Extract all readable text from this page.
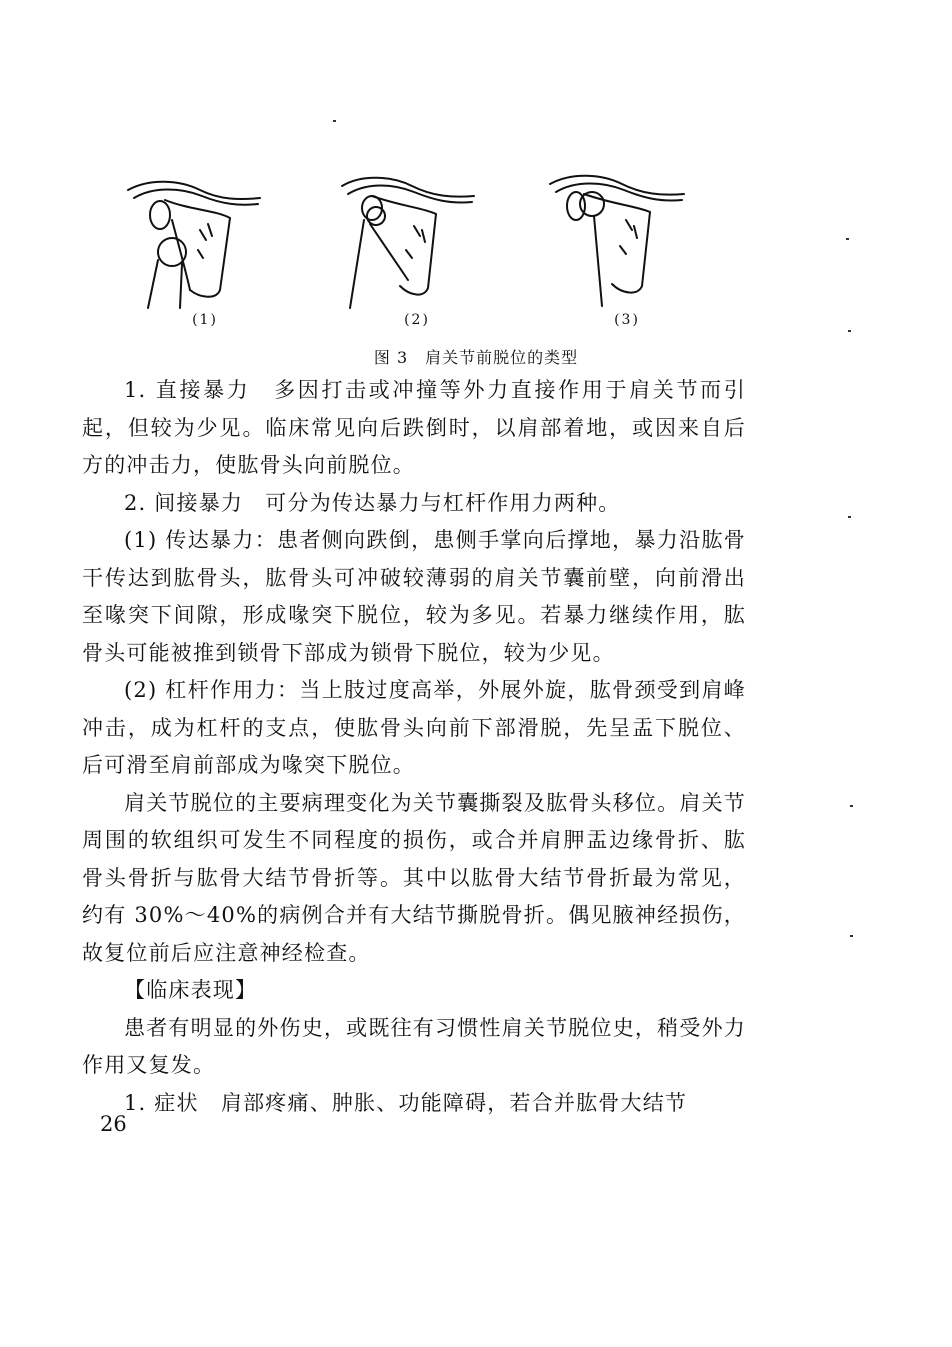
(1)	(2)	(3)
图 3　肩关节前脱位的类型

1. 直接暴力　多因打击或冲撞等外力直接作用于肩关节而引起，但较为少见。临床常见向后跌倒时，以肩部着地，或因来自后方的冲击力，使肱骨头向前脱位。

2. 间接暴力　可分为传达暴力与杠杆作用力两种。

(1) 传达暴力：患者侧向跌倒，患侧手掌向后撑地，暴力沿肱骨干传达到肱骨头，肱骨头可冲破较薄弱的肩关节囊前壁，向前滑出至喙突下间隙，形成喙突下脱位，较为多见。若暴力继续作用，肱骨头可能被推到锁骨下部成为锁骨下脱位，较为少见。

(2) 杠杆作用力：当上肢过度高举，外展外旋，肱骨颈受到肩峰冲击，成为杠杆的支点，使肱骨头向前下部滑脱，先呈盂下脱位、后可滑至肩前部成为喙突下脱位。

肩关节脱位的主要病理变化为关节囊撕裂及肱骨头移位。肩关节周围的软组织可发生不同程度的损伤，或合并肩胛盂边缘骨折、肱骨头骨折与肱骨大结节骨折等。其中以肱骨大结节骨折最为常见，约有 30%～40%的病例合并有大结节撕脱骨折。偶见腋神经损伤，故复位前后应注意神经检查。

【临床表现】

患者有明显的外伤史，或既往有习惯性肩关节脱位史，稍受外力作用又复发。

1. 症状　肩部疼痛、肿胀、功能障碍，若合并肱骨大结节

26
